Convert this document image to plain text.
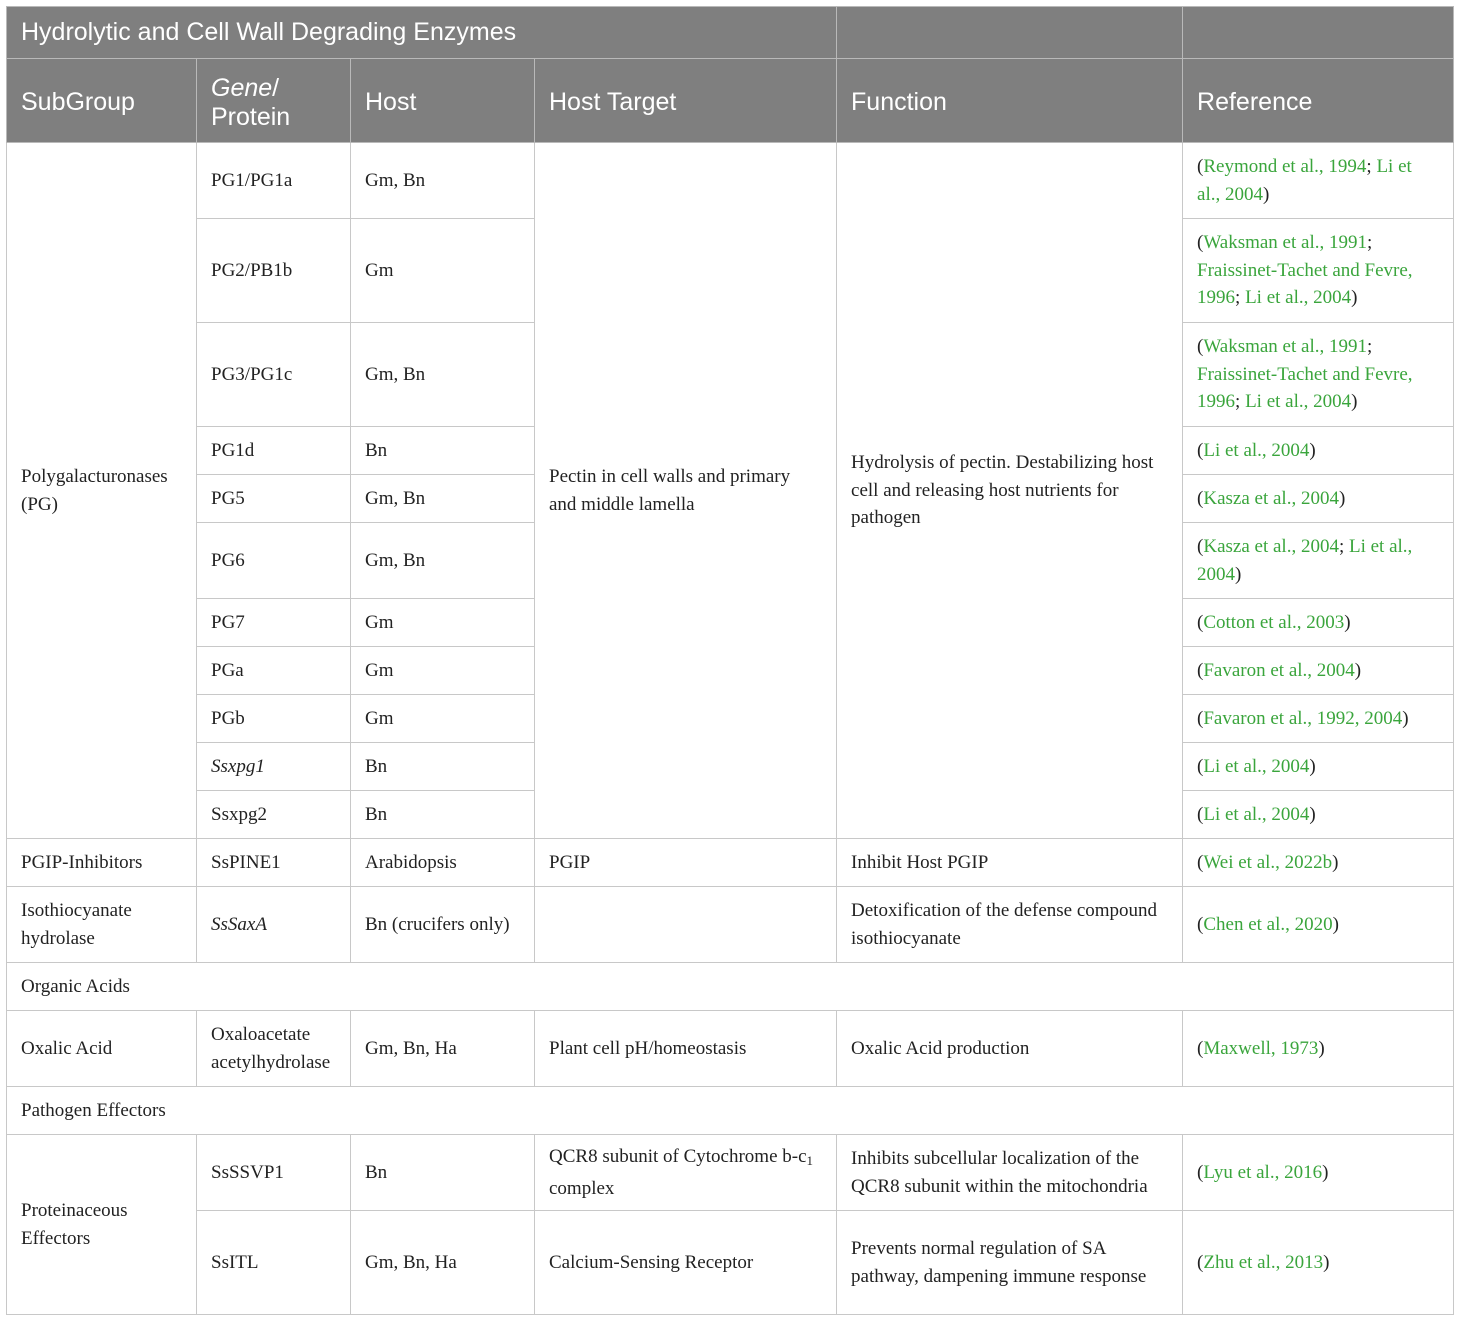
Hydrolytic and Cell Wall Degrading Enzymes					
SubGroup	Gene/ Protein	Host	Host Target	Function	Reference
Polygalacturonases (PG)	PG1/PG1a	Gm, Bn	Pectin in cell walls and primary and middle lamella	Hydrolysis of pectin. Destabilizing host cell and releasing host nutrients for pathogen	(Reymond et al., 1994; Li et al., 2004)
	PG2/PB1b	Gm			(Waksman et al., 1991; Fraissinet-Tachet and Fevre, 1996; Li et al., 2004)
	PG3/PG1c	Gm, Bn			(Waksman et al., 1991; Fraissinet-Tachet and Fevre, 1996; Li et al., 2004)
	PG1d	Bn			(Li et al., 2004)
	PG5	Gm, Bn			(Kasza et al., 2004)
	PG6	Gm, Bn			(Kasza et al., 2004; Li et al., 2004)
	PG7	Gm			(Cotton et al., 2003)
	PGa	Gm			(Favaron et al., 2004)
	PGb	Gm			(Favaron et al., 1992, 2004)
	Ssxpg1	Bn			(Li et al., 2004)
	Ssxpg2	Bn			(Li et al., 2004)
PGIP-Inhibitors	SsPINE1	Arabidopsis	PGIP	Inhibit Host PGIP	(Wei et al., 2022b)
Isothiocyanate hydrolase	SsSaxA	Bn (crucifers only)		Detoxification of the defense compound isothiocyanate	(Chen et al., 2020)
Organic Acids					
Oxalic Acid	Oxaloacetate acetylhydrolase	Gm, Bn, Ha	Plant cell pH/homeostasis	Oxalic Acid production	(Maxwell, 1973)
Pathogen Effectors					
Proteinaceous Effectors	SsSSVP1	Bn	QCR8 subunit of Cytochrome $b-c_1$ complex	Inhibits subcellular localization of the QCR8 subunit within the mitochondria	(Lyu et al., 2016)
	SsITL	Gm, Bn, Ha	Calcium-Sensing Receptor	Prevents normal regulation of SA pathway, dampening immune response	(Zhu et al., 2013)
